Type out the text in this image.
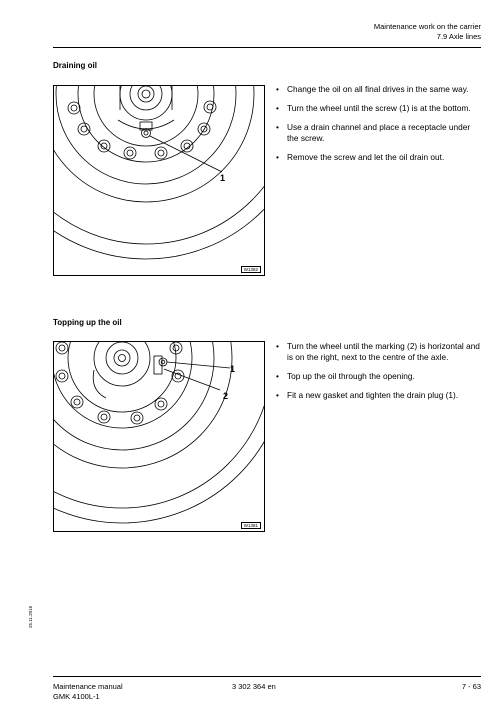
Maintenance work on the carrier
7.9 Axle lines
Draining oil
1
W1382
• Change the oil on all final drives in the same way.
• Turn the wheel until the screw (1) is at the bottom.
• Use a drain channel and place a receptacle under the screw.
• Remove the screw and let the oil drain out.
Topping up the oil
1
2
W1381
• Turn the wheel until the marking (2) is horizontal and is on the right, next to the centre of the axle.
• Top up the oil through the opening.
• Fit a new gasket and tighten the drain plug (1).
25.11.2016
Maintenance manual
GMK 4100L-1
3 302 364 en	7 - 63
